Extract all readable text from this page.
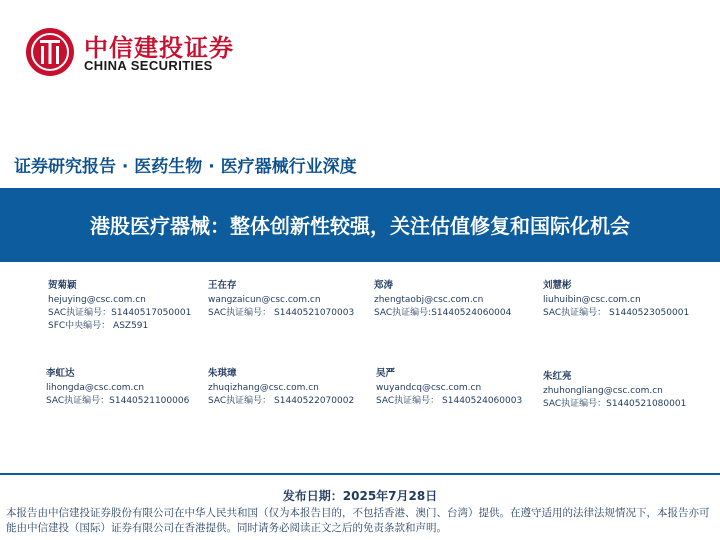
中信建投证券
CHINA SECURITIES
证券研究报告 · 医药生物 · 医疗器械行业深度
港股医疗器械：整体创新性较强，关注估值修复和国际化机会
贺菊颖
hejuying@csc.com.cn
SAC执证编号：S1440517050001
SFC中央编号： ASZ591
王在存
wangzaicun@csc.com.cn
SAC执证编号： S1440521070003
郑涛
zhengtaobj@csc.com.cn
SAC执证编号:S1440524060004
刘慧彬
liuhuibin@csc.com.cn
SAC执证编号： S1440523050001
李虹达
lihongda@csc.com.cn
SAC执证编号：S1440521100006
朱琪璋
zhuqizhang@csc.com.cn
SAC执证编号： S1440522070002
吴严
wuyandcq@csc.com.cn
SAC执证编号： S1440524060003
朱红亮
zhuhongliang@csc.com.cn
SAC执证编号：S1440521080001
发布日期：2025年7月28日
本报告由中信建投证券股份有限公司在中华人民共和国（仅为本报告目的，不包括香港、澳门、台湾）提供。在遵守适用的法律法规情况下，本报告亦可能由中信建投（国际）证券有限公司在香港提供。同时请务必阅读正文之后的免责条款和声明。
